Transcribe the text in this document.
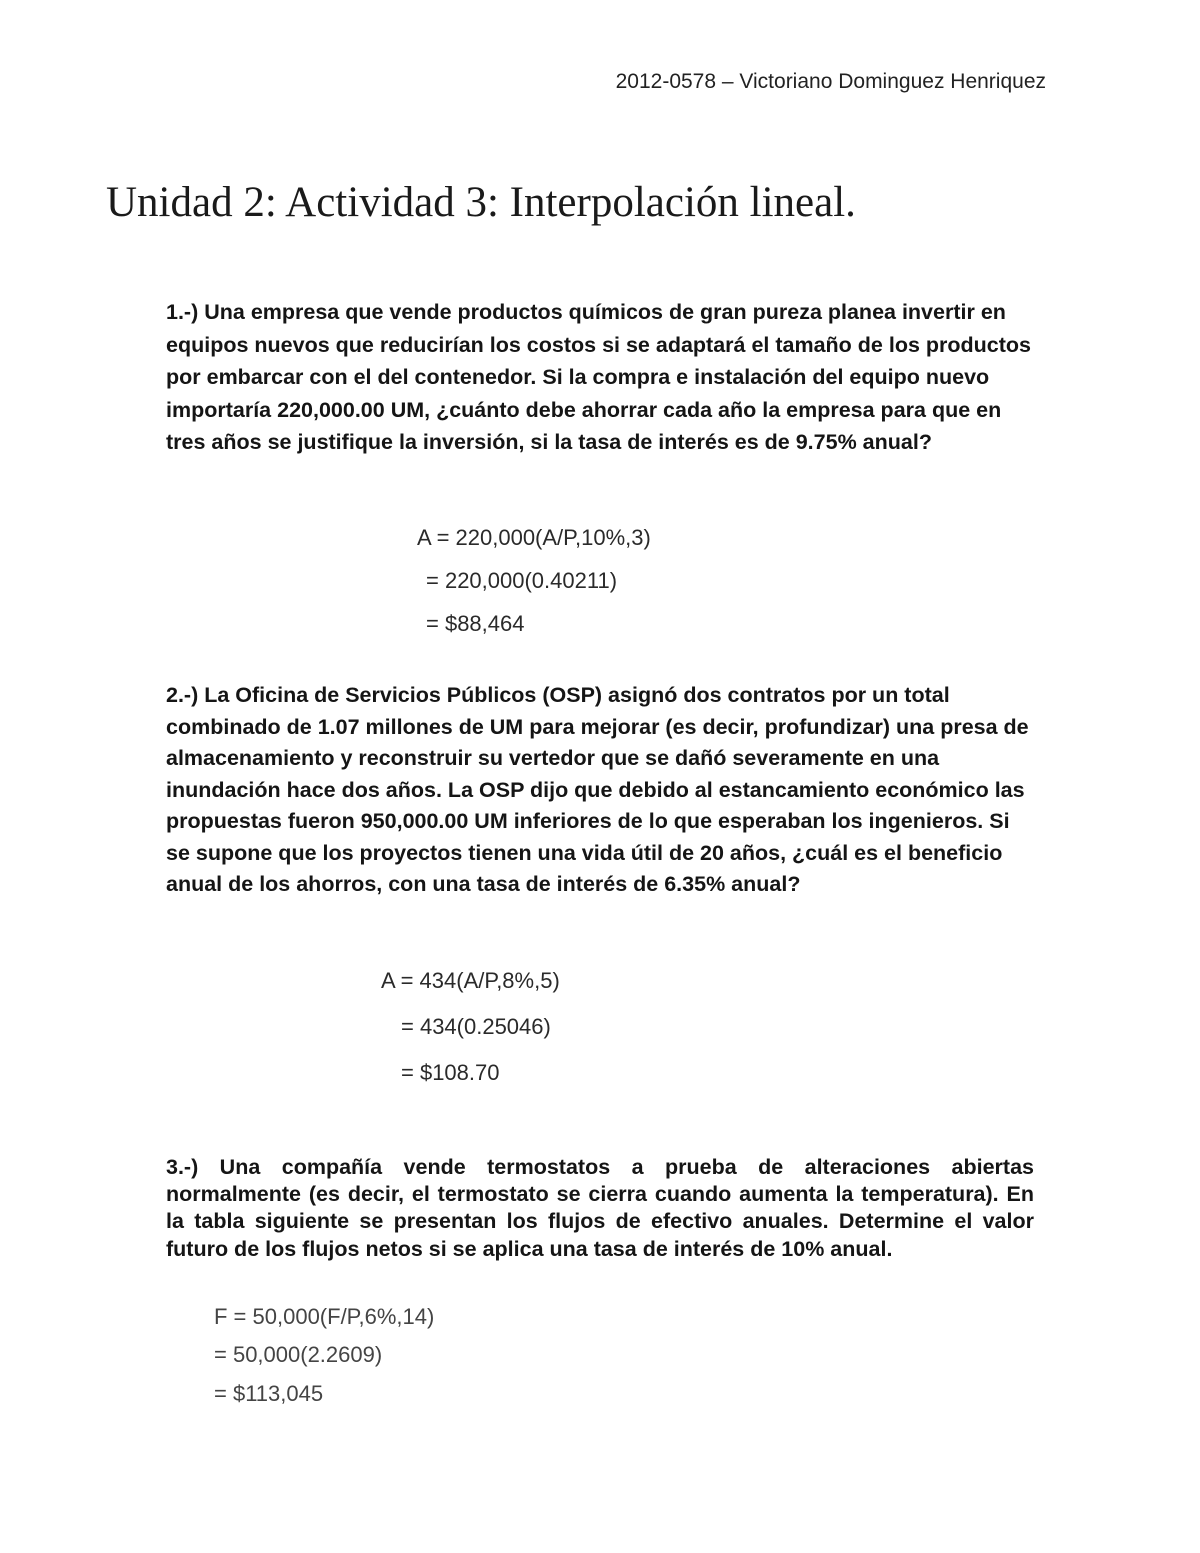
2012-0578 – Victoriano Dominguez Henriquez
Unidad 2: Actividad 3: Interpolación lineal.

1.-) Una empresa que vende productos químicos de gran pureza planea invertir en equipos nuevos que reducirían los costos si se adaptará el tamaño de los productos por embarcar con el del contenedor. Si la compra e instalación del equipo nuevo importaría 220,000.00 UM, ¿cuánto debe ahorrar cada año la empresa para que en tres años se justifique la inversión, si la tasa de interés es de 9.75% anual?

A = 220,000(A/P,10%,3)
= 220,000(0.40211)
= $88,464

2.-) La Oficina de Servicios Públicos (OSP) asignó dos contratos por un total combinado de 1.07 millones de UM para mejorar (es decir, profundizar) una presa de almacenamiento y reconstruir su vertedor que se dañó severamente en una inundación hace dos años. La OSP dijo que debido al estancamiento económico las propuestas fueron 950,000.00 UM inferiores de lo que esperaban los ingenieros. Si se supone que los proyectos tienen una vida útil de 20 años, ¿cuál es el beneficio anual de los ahorros, con una tasa de interés de 6.35% anual?

A = 434(A/P,8%,5)
= 434(0.25046)
= $108.70

3.-) Una compañía vende termostatos a prueba de alteraciones abiertas normalmente (es decir, el termostato se cierra cuando aumenta la temperatura). En la tabla siguiente se presentan los flujos de efectivo anuales. Determine el valor futuro de los flujos netos si se aplica una tasa de interés de 10% anual.

F = 50,000(F/P,6%,14)
= 50,000(2.2609)
= $113,045
